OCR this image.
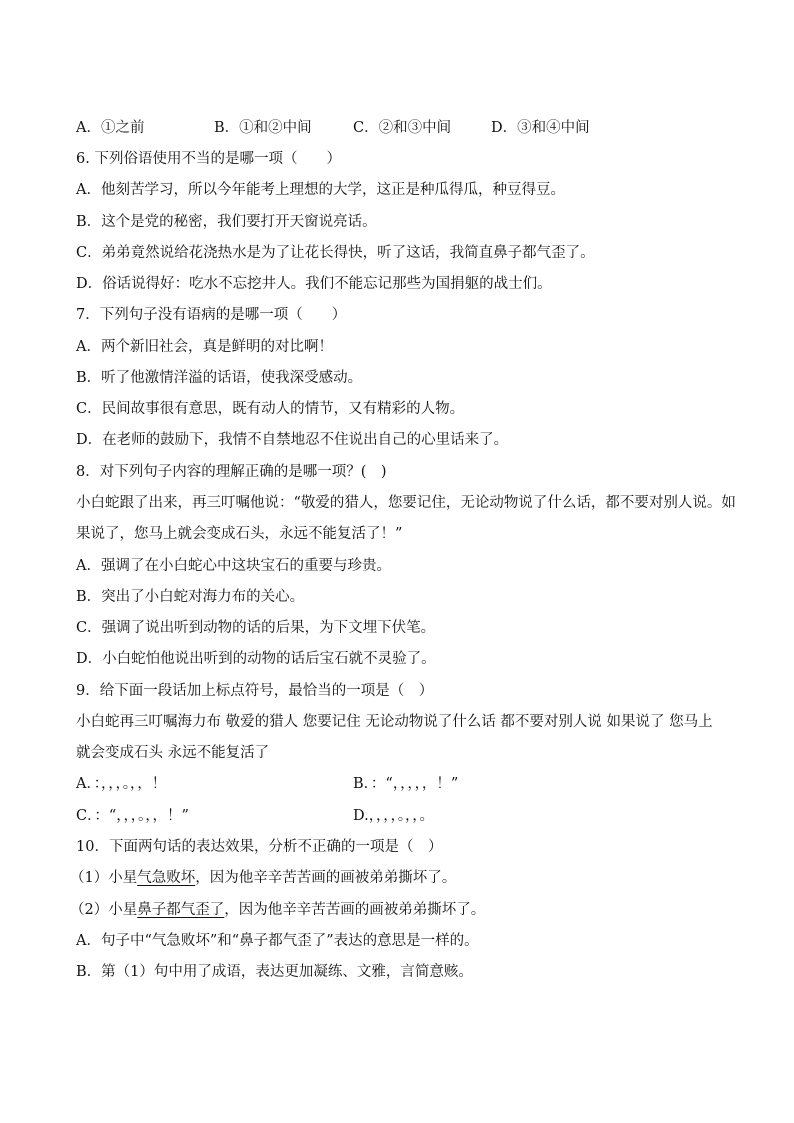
A．①之前	B．①和②中间	C．②和③中间	D．③和④中间
6. 下列俗语使用不当的是哪一项（　　）
A．他刻苦学习，所以今年能考上理想的大学，这正是种瓜得瓜，种豆得豆。
B．这个是党的秘密，我们要打开天窗说亮话。
C．弟弟竟然说给花浇热水是为了让花长得快，听了这话，我简直鼻子都气歪了。
D．俗话说得好：吃水不忘挖井人。我们不能忘记那些为国捐躯的战士们。
7．下列句子没有语病的是哪一项（　　）
A．两个新旧社会，真是鲜明的对比啊！
B．听了他激情洋溢的话语，使我深受感动。
C．民间故事很有意思，既有动人的情节，又有精彩的人物。
D．在老师的鼓励下，我情不自禁地忍不住说出自己的心里话来了。
8．对下列句子内容的理解正确的是哪一项？(　)
小白蛇跟了出来，再三叮嘱他说：“敬爱的猎人，您要记住，无论动物说了什么话，都不要对别人说。如
果说了，您马上就会变成石头，永远不能复活了！”
A．强调了在小白蛇心中这块宝石的重要与珍贵。
B．突出了小白蛇对海力布的关心。
C．强调了说出听到动物的话的后果，为下文埋下伏笔。
D．小白蛇怕他说出听到的动物的话后宝石就不灵验了。
9．给下面一段话加上标点符号，最恰当的一项是（　）
小白蛇再三叮嘱海力布 敬爱的猎人 您要记住 无论动物说了什么话 都不要对别人说 如果说了 您马上
就会变成石头 永远不能复活了
A．：，，，。，，！	B．：“，，，，，！”
C．：“，，，。，，！”	D.，，，，。，，。
10．下面两句话的表达效果，分析不正确的一项是（　）
（1）小星气急败坏，因为他辛辛苦苦画的画被弟弟撕坏了。
（2）小星鼻子都气歪了，因为他辛辛苦苦画的画被弟弟撕坏了。
A．句子中“气急败坏”和“鼻子都气歪了”表达的意思是一样的。
B．第（1）句中用了成语，表达更加凝练、文雅，言简意赅。
